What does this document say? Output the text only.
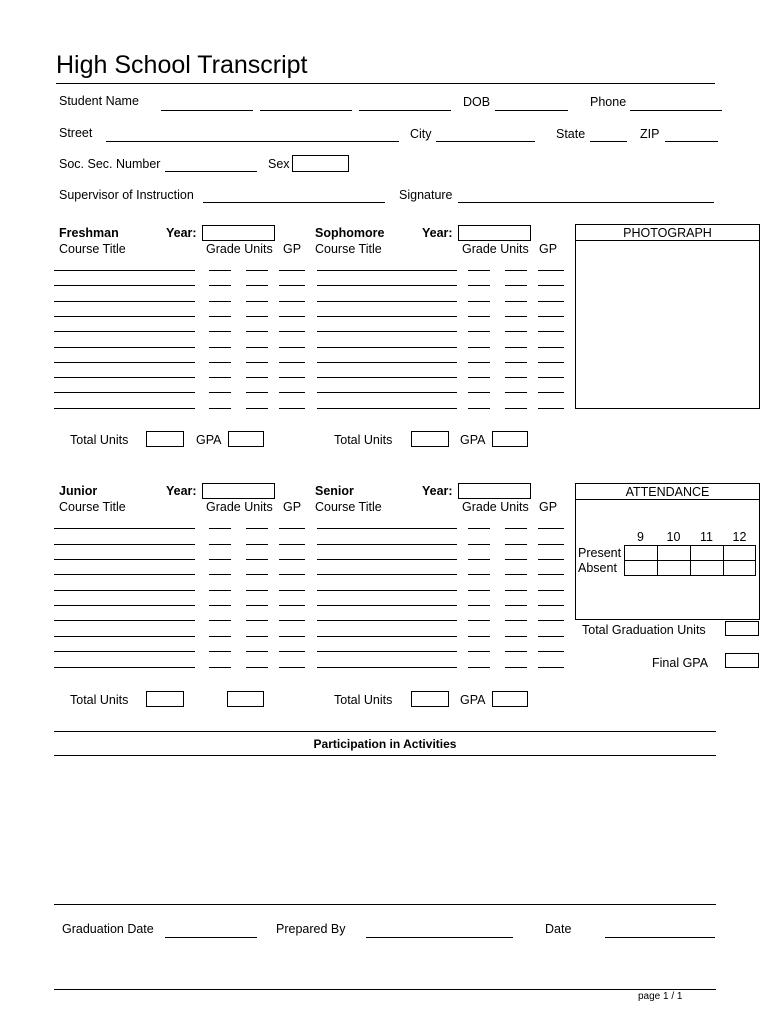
High School Transcript
Student Name	DOB	Phone
Street	City	State	ZIP
Soc. Sec. Number	Sex
Supervisor of Instruction	Signature
Freshman	Year:
Course Title	Grade Units GP
Total Units	GPA
Sophomore	Year:
Course Title	Grade Units GP
Total Units	GPA
Junior	Year:
Course Title	Grade Units GP
Total Units
Senior	Year:
Course Title	Grade Units GP
Total Units	GPA
PHOTOGRAPH
ATTENDANCE
9	10	11	12
Present
Absent
Total Graduation Units
Final GPA
Participation in Activities
Graduation Date	Prepared By	Date
page 1 / 1
